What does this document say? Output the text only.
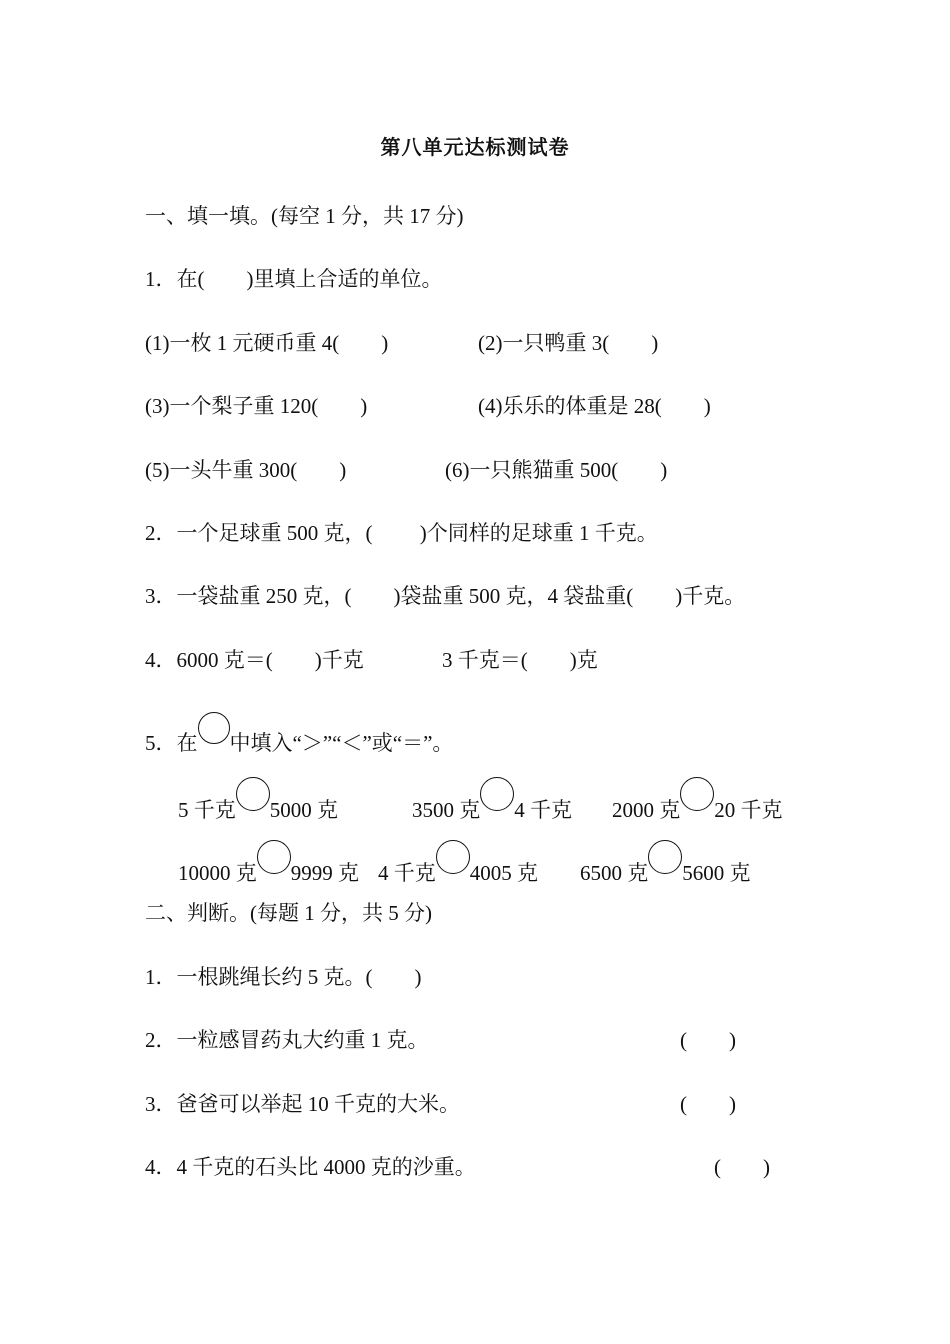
第八单元达标测试卷
一、填一填。(每空 1 分，共 17 分)
1．在(　　)里填上合适的单位。
(1)一枚 1 元硬币重 4(　　)	(2)一只鸭重 3(　　)
(3)一个梨子重 120(　　)	(4)乐乐的体重是 28(　　)
(5)一头牛重 300(　　)	(6)一只熊猫重 500(　　)
2．一个足球重 500 克，(　　 )个同样的足球重 1 千克。
3．一袋盐重 250 克，(　　)袋盐重 500 克，4 袋盐重(　　)千克。
4．6000 克＝(　　)千克	3 千克＝(　　)克
5．在 中填入“＞”“＜”或“＝”。
5 千克 5000 克	3500 克 4 千克 2000 克 20 千克
10000 克 9999 克 4 千克 4005 克 6500 克 5600 克
二、判断。(每题 1 分，共 5 分)
1．一根跳绳长约 5 克。(　　)
2．一粒感冒药丸大约重 1 克。	(　　)
3．爸爸可以举起 10 千克的大米。	(　　)
4．4 千克的石头比 4000 克的沙重。	(　　)
